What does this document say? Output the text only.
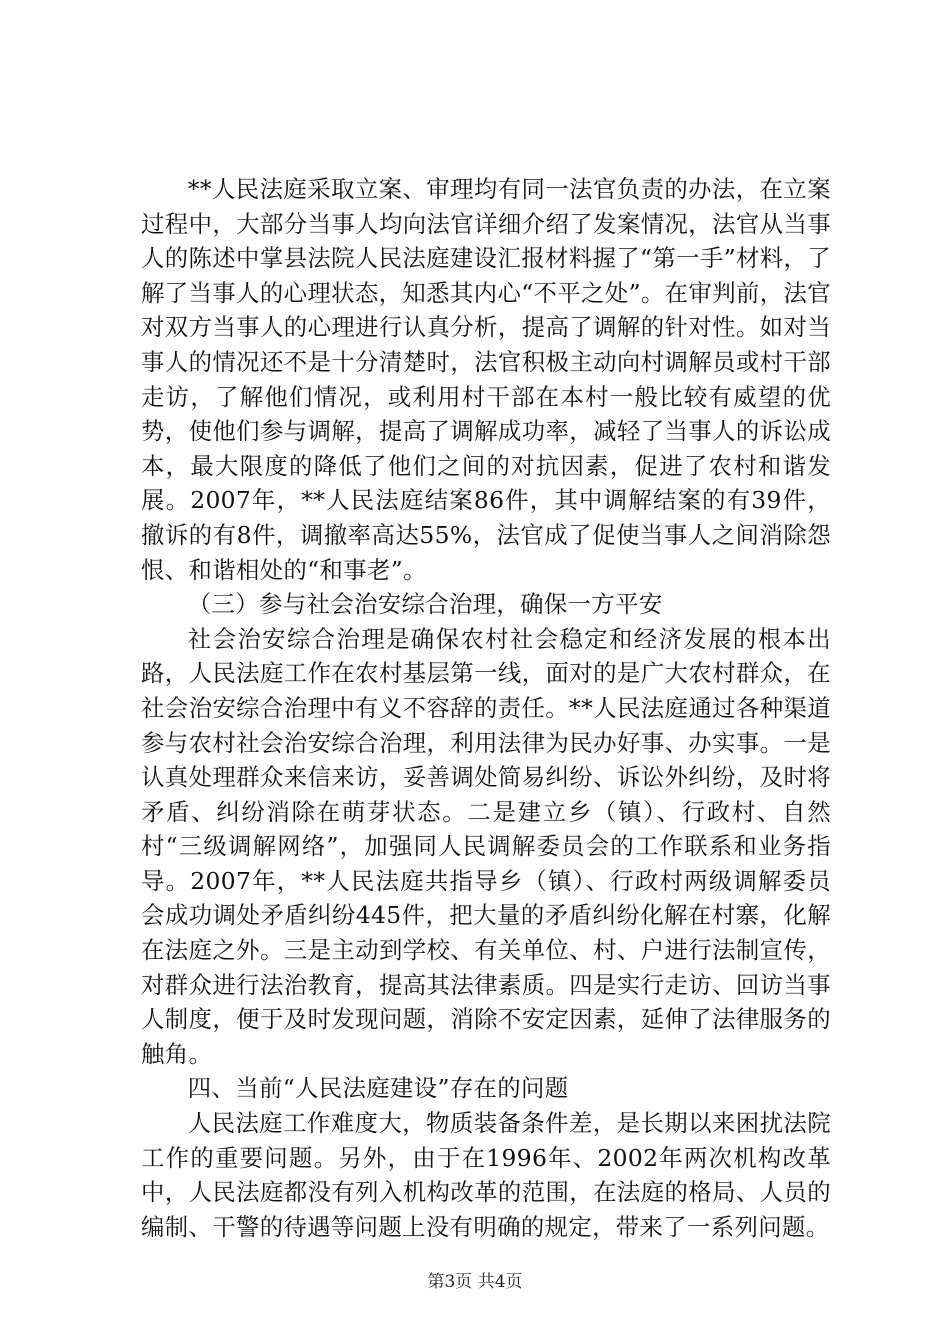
**人民法庭采取立案、审理均有同一法官负责的办法，在立案过程中，大部分当事人均向法官详细介绍了发案情况，法官从当事人的陈述中掌县法院人民法庭建设汇报材料握了“第一手”材料，了解了当事人的心理状态，知悉其内心“不平之处”。在审判前，法官对双方当事人的心理进行认真分析，提高了调解的针对性。如对当事人的情况还不是十分清楚时，法官积极主动向村调解员或村干部走访，了解他们情况，或利用村干部在本村一般比较有威望的优势，使他们参与调解，提高了调解成功率，减轻了当事人的诉讼成本，最大限度的降低了他们之间的对抗因素，促进了农村和谐发展。2007年，**人民法庭结案86件，其中调解结案的有39件，撤诉的有8件，调撤率高达55%，法官成了促使当事人之间消除怨恨、和谐相处的“和事老”。

（三）参与社会治安综合治理，确保一方平安

社会治安综合治理是确保农村社会稳定和经济发展的根本出路，人民法庭工作在农村基层第一线，面对的是广大农村群众，在社会治安综合治理中有义不容辞的责任。**人民法庭通过各种渠道参与农村社会治安综合治理，利用法律为民办好事、办实事。一是认真处理群众来信来访，妥善调处简易纠纷、诉讼外纠纷，及时将矛盾、纠纷消除在萌芽状态。二是建立乡（镇）、行政村、自然村“三级调解网络”，加强同人民调解委员会的工作联系和业务指导。2007年，**人民法庭共指导乡（镇）、行政村两级调解委员会成功调处矛盾纠纷445件，把大量的矛盾纠纷化解在村寨，化解在法庭之外。三是主动到学校、有关单位、村、户进行法制宣传，对群众进行法治教育，提高其法律素质。四是实行走访、回访当事人制度，便于及时发现问题，消除不安定因素，延伸了法律服务的触角。

四、当前“人民法庭建设”存在的问题

人民法庭工作难度大，物质装备条件差，是长期以来困扰法院工作的重要问题。另外，由于在1996年、2002年两次机构改革中，人民法庭都没有列入机构改革的范围，在法庭的格局、人员的编制、干警的待遇等问题上没有明确的规定，带来了一系列问题。

第3页 共4页
